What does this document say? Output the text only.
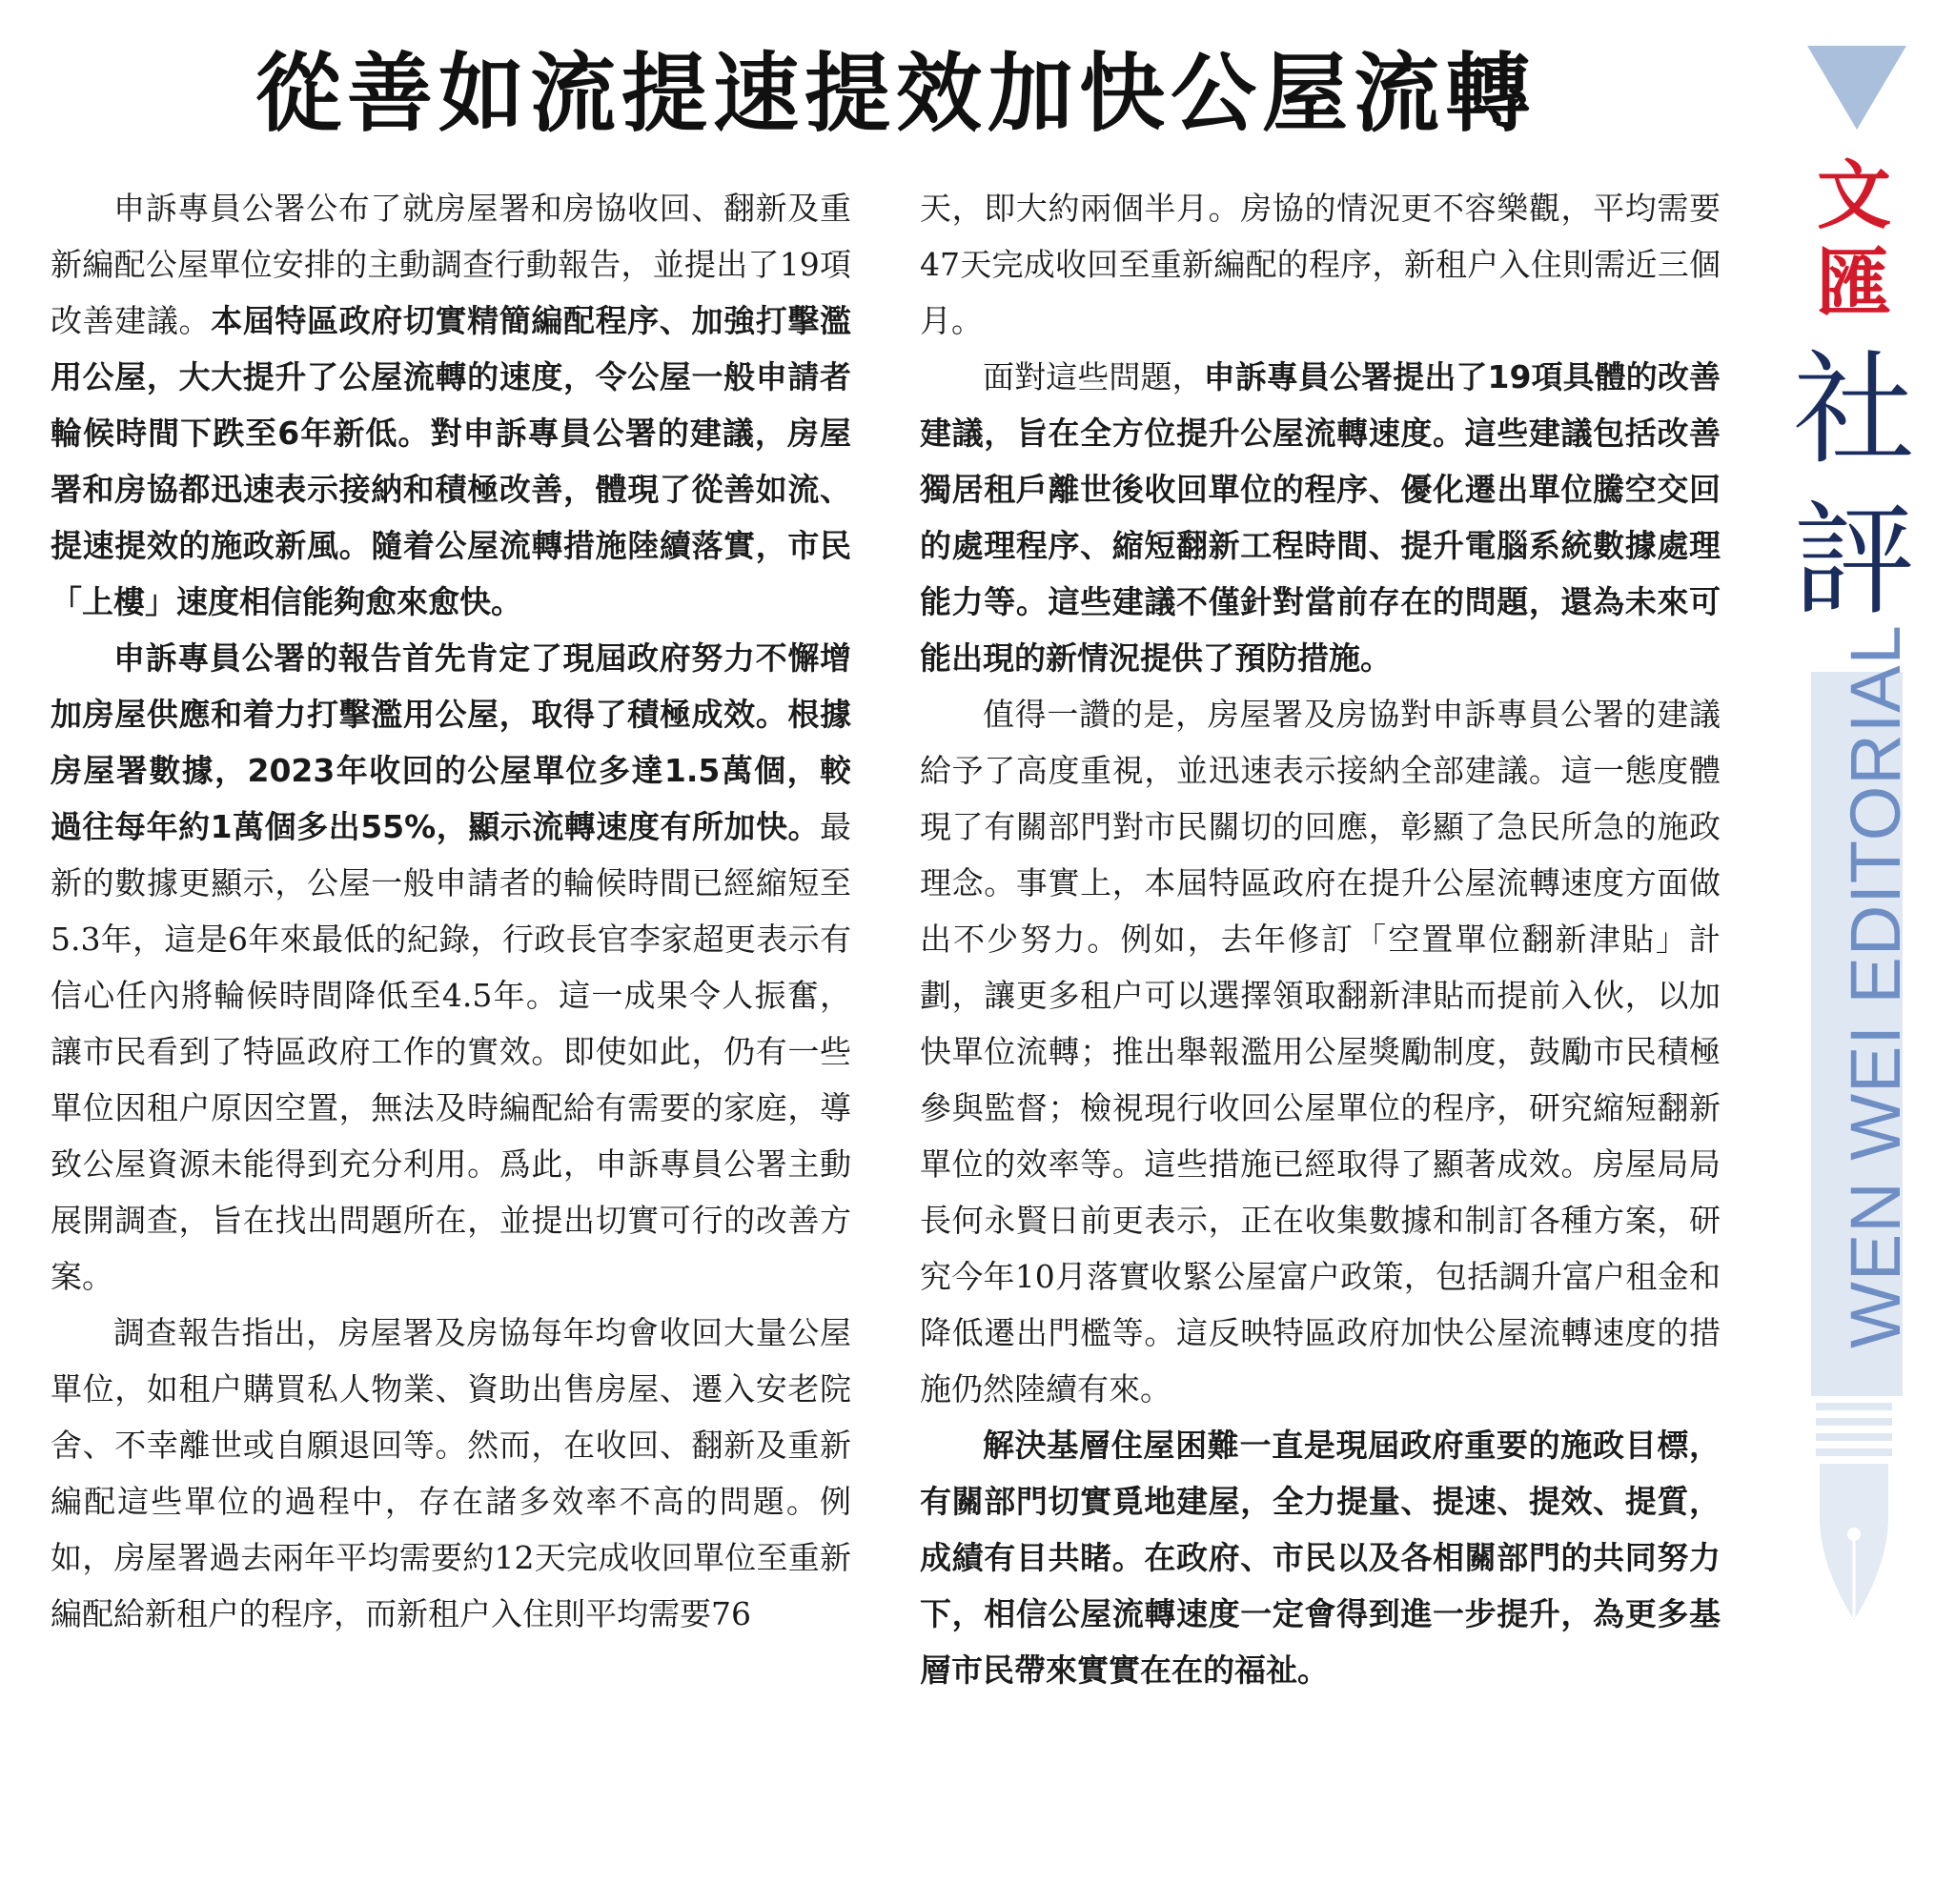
從善如流提速提效加快公屋流轉

申訴專員公署公布了就房屋署和房協收回、翻新及重新編配公屋單位安排的主動調查行動報告，並提出了19項改善建議。本屆特區政府切實精簡編配程序、加強打擊濫用公屋，大大提升了公屋流轉的速度，令公屋一般申請者輪候時間下跌至6年新低。對申訴專員公署的建議，房屋署和房協都迅速表示接納和積極改善，體現了從善如流、提速提效的施政新風。隨着公屋流轉措施陸續落實，市民「上樓」速度相信能夠愈來愈快。

申訴專員公署的報告首先肯定了現屆政府努力不懈增加房屋供應和着力打擊濫用公屋，取得了積極成效。根據房屋署數據，2023年收回的公屋單位多達1.5萬個，較過往每年約1萬個多出55%，顯示流轉速度有所加快。最新的數據更顯示，公屋一般申請者的輪候時間已經縮短至5.3年，這是6年來最低的紀錄，行政長官李家超更表示有信心任內將輪候時間降低至4.5年。這一成果令人振奮，讓市民看到了特區政府工作的實效。即使如此，仍有一些單位因租户原因空置，無法及時編配給有需要的家庭，導致公屋資源未能得到充分利用。爲此，申訴專員公署主動展開調查，旨在找出問題所在，並提出切實可行的改善方案。

調查報告指出，房屋署及房協每年均會收回大量公屋單位，如租户購買私人物業、資助出售房屋、遷入安老院舍、不幸離世或自願退回等。然而，在收回、翻新及重新編配這些單位的過程中，存在諸多效率不高的問題。例如，房屋署過去兩年平均需要約12天完成收回單位至重新編配給新租户的程序，而新租户入住則平均需要76

天，即大約兩個半月。房協的情況更不容樂觀，平均需要47天完成收回至重新編配的程序，新租户入住則需近三個月。

面對這些問題，申訴專員公署提出了19項具體的改善建議，旨在全方位提升公屋流轉速度。這些建議包括改善獨居租戶離世後收回單位的程序、優化遷出單位騰空交回的處理程序、縮短翻新工程時間、提升電腦系統數據處理能力等。這些建議不僅針對當前存在的問題，還為未來可能出現的新情況提供了預防措施。

值得一讚的是，房屋署及房協對申訴專員公署的建議給予了高度重視，並迅速表示接納全部建議。這一態度體現了有關部門對市民關切的回應，彰顯了急民所急的施政理念。事實上，本屆特區政府在提升公屋流轉速度方面做出不少努力。例如，去年修訂「空置單位翻新津貼」計劃，讓更多租户可以選擇領取翻新津貼而提前入伙，以加快單位流轉；推出舉報濫用公屋獎勵制度，鼓勵市民積極參與監督；檢視現行收回公屋單位的程序，研究縮短翻新單位的效率等。這些措施已經取得了顯著成效。房屋局局長何永賢日前更表示，正在收集數據和制訂各種方案，研究今年10月落實收緊公屋富户政策，包括調升富户租金和降低遷出門檻等。這反映特區政府加快公屋流轉速度的措施仍然陸續有來。

解決基層住屋困難一直是現屆政府重要的施政目標，有關部門切實覓地建屋，全力提量、提速、提效、提質，成績有目共睹。在政府、市民以及各相關部門的共同努力下，相信公屋流轉速度一定會得到進一步提升，為更多基層市民帶來實實在在的福祉。

文匯
社評
WEN WEI EDITORIAL
